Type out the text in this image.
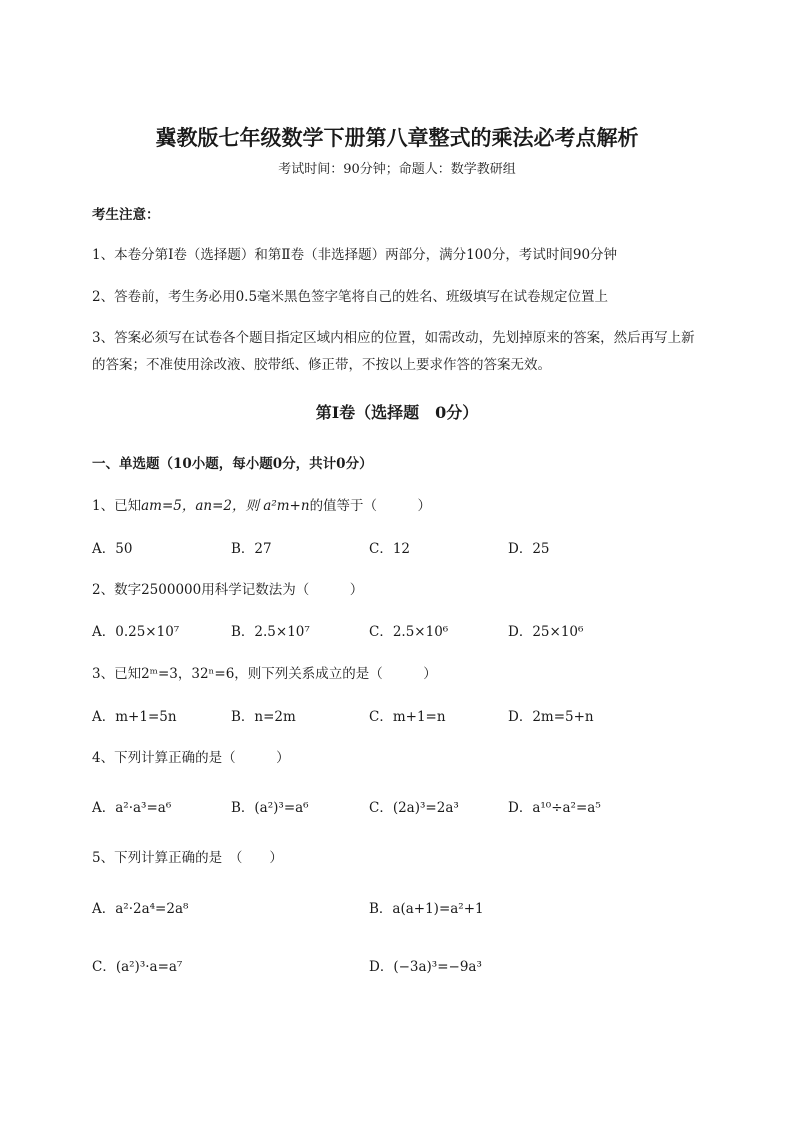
冀教版七年级数学下册第八章整式的乘法必考点解析
考试时间：90分钟；命题人：数学教研组
考生注意：
1、本卷分第Ⅰ卷（选择题）和第Ⅱ卷（非选择题）两部分，满分100分，考试时间90分钟
2、答卷前，考生务必用0.5毫米黑色签字笔将自己的姓名、班级填写在试卷规定位置上
3、答案必须写在试卷各个题目指定区域内相应的位置，如需改动，先划掉原来的答案，然后再写上新
的答案；不准使用涂改液、胶带纸、修正带，不按以上要求作答的答案无效。
第Ⅰ卷（选择题　0分）
一、单选题（10小题，每小题0分，共计0分）
1、已知am=5，an=2，则 a²m+n的值等于（　　　）
A．50	B．27	C．12	D．25
2、数字2500000用科学记数法为（　　　）
A．0.25×10⁷	B．2.5×10⁷	C．2.5×10⁶	D．25×10⁶
3、已知2ᵐ=3，32ⁿ=6，则下列关系成立的是（　　　）
A．m+1=5n	B．n=2m	C．m+1=n	D．2m=5+n
4、下列计算正确的是（　　　）
A．a²·a³=a⁶	B．(a²)³=a⁶	C．(2a)³=2a³	D．a¹⁰÷a²=a⁵
5、下列计算正确的是　（　　）
A．a²·2a⁴=2a⁸	B．a(a+1)=a²+1
C．(a²)³·a=a⁷	D．(−3a)³=−9a³
